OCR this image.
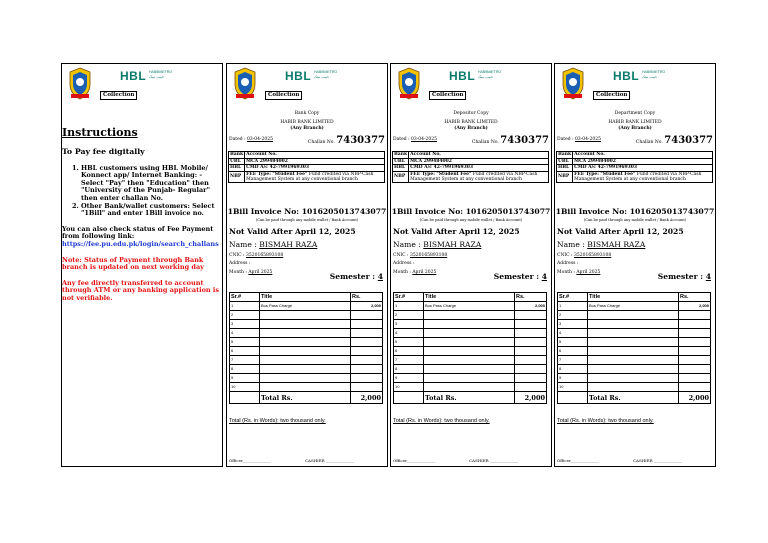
HBL HABIBMETRO
حبیب بینک
Collection
Instructions
To Pay fee digitally
1. HBL customers using HBL Mobile/ Konnect app/ Internet Banking: - Select "Pay" then "Education" then "University of the Punjab- Regular" then enter challan No.
2. Other Bank/wallet customers: Select "1Bill" and enter 1Bill invoice no.

You can also check status of Fee Payment from following link:
https://fee.pu.edu.pk/login/search_challans

Note: Status of Payment through Bank branch is updated on next working day

Any fee directly transferred to account through ATM or any banking application is not verifiable.

HBL HABIBMETRO
حبیب بینک
Collection
Bank Copy
HABIB BANK LIMITED
(Any Branch)
Dated : 03-04-2025
Challan No. 7430377
Bank	Account No.
UBL	MCA 299484002
HBL	CMD A/c 42-7991969303
NBP	FEE Type: "Student Fee" Fund credited via NBP-Cash Management System at any conventional branch
1Bill Invoice No: 1016205013743077
(Can be paid through any mobile wallet / Bank Account)
Not Valid After April 12, 2025
Name : BISMAH RAZA
CNIC : 3520165893108
Address :
Month : April 2025	Semester : 4
Sr.#	Title	Rs.
1	Bus Pass Charge	2,000
2		
3		
4		
5		
6		
7		
8		
9		
10		
	Total Rs.	2,000
Total (Rs. in Words): two thousand only.
Officer______________	CASHIER ______________
HBL HABIBMETRO
حبیب بینک
Collection
Depositor Copy
HABIB BANK LIMITED
(Any Branch)
Dated : 03-04-2025
Challan No. 7430377
Bank	Account No.
UBL	MCA 299484002
HBL	CMD A/c 42-7991969303
NBP	FEE Type: "Student Fee" Fund credited via NBP-Cash Management System at any conventional branch
1Bill Invoice No: 1016205013743077
(Can be paid through any mobile wallet / Bank Account)
Not Valid After April 12, 2025
Name : BISMAH RAZA
CNIC : 3520165893108
Address :
Month : April 2025	Semester : 4
Sr.#	Title	Rs.
1	Bus Pass Charge	2,000
2		
3		
4		
5		
6		
7		
8		
9		
10		
	Total Rs.	2,000
Total (Rs. in Words): two thousand only.
Officer______________	CASHIER ______________
HBL HABIBMETRO
حبیب بینک
Collection
Department Copy
HABIB BANK LIMITED
(Any Branch)
Dated : 03-04-2025
Challan No. 7430377
Bank	Account No.
UBL	MCA 299484002
HBL	CMD A/c 42-7991969303
NBP	FEE Type: "Student Fee" Fund credited via NBP-Cash Management System at any conventional branch
1Bill Invoice No: 1016205013743077
(Can be paid through any mobile wallet / Bank Account)
Not Valid After April 12, 2025
Name : BISMAH RAZA
CNIC : 3520165893108
Address :
Month : April 2025	Semester : 4
Sr.#	Title	Rs.
1	Bus Pass Charge	2,000
2		
3		
4		
5		
6		
7		
8		
9		
10		
	Total Rs.	2,000
Total (Rs. in Words): two thousand only.
Officer______________	CASHIER ______________
